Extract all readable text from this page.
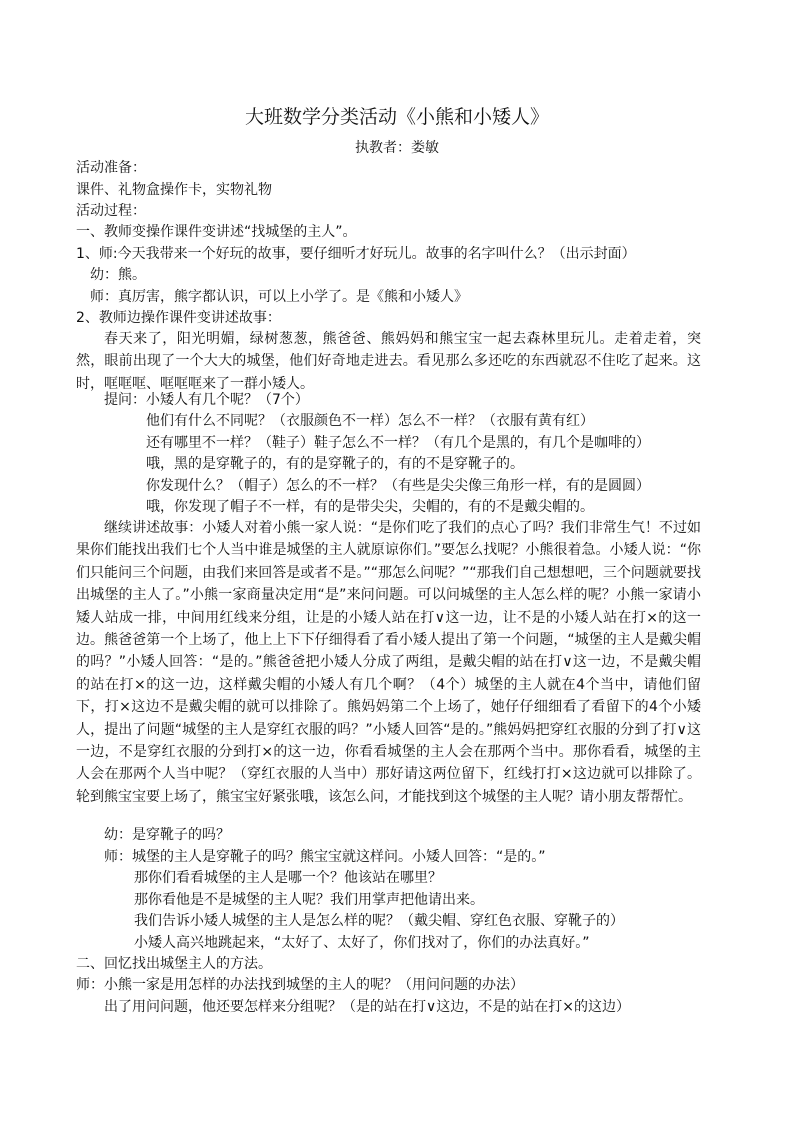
大班数学分类活动《小熊和小矮人》
执教者：娄敏
活动准备：
课件、礼物盒操作卡，实物礼物
活动过程：
一、教师变操作课件变讲述“找城堡的主人”。
1、师:今天我带来一个好玩的故事，要仔细听才好玩儿。故事的名字叫什么？（出示封面）
幼：熊。
师：真厉害，熊字都认识，可以上小学了。是《熊和小矮人》
2、教师边操作课件变讲述故事：

春天来了，阳光明媚，绿树葱葱，熊爸爸、熊妈妈和熊宝宝一起去森林里玩儿。走着走着，突然，眼前出现了一个大大的城堡，他们好奇地走进去。看见那么多还吃的东西就忍不住吃了起来。这时，哐哐哐、哐哐哐来了一群小矮人。

提问：小矮人有几个呢？（7个）
他们有什么不同呢？（衣服颜色不一样）怎么不一样？（衣服有黄有红）
还有哪里不一样？（鞋子）鞋子怎么不一样？（有几个是黑的，有几个是咖啡的）
哦，黑的是穿靴子的，有的是穿靴子的，有的不是穿靴子的。
你发现什么？（帽子）怎么的不一样？（有些是尖尖像三角形一样，有的是圆圆）
哦，你发现了帽子不一样，有的是带尖尖，尖帽的，有的不是戴尖帽的。

继续讲述故事：小矮人对着小熊一家人说：“是你们吃了我们的点心了吗？我们非常生气！不过如果你们能找出我们七个人当中谁是城堡的主人就原谅你们。”要怎么找呢？小熊很着急。小矮人说：“你们只能问三个问题，由我们来回答是或者不是。”“那怎么问呢？”“那我们自己想想吧，三个问题就要找出城堡的主人了。”小熊一家商量决定用“是”来问问题。可以问城堡的主人怎么样的呢？小熊一家请小矮人站成一排，中间用红线来分组，让是的小矮人站在打∨这一边，让不是的小矮人站在打×的这一边。熊爸爸第一个上场了，他上上下下仔细得看了看小矮人提出了第一个问题，“城堡的主人是戴尖帽的吗？”小矮人回答：“是的。”熊爸爸把小矮人分成了两组，是戴尖帽的站在打∨这一边，不是戴尖帽的站在打×的这一边，这样戴尖帽的小矮人有几个啊？（4个）城堡的主人就在4个当中，请他们留下，打×这边不是戴尖帽的就可以排除了。熊妈妈第二个上场了，她仔仔细细看了看留下的4个小矮人，提出了问题“城堡的主人是穿红衣服的吗？”小矮人回答“是的。”熊妈妈把穿红衣服的分到了打∨这一边，不是穿红衣服的分到打×的这一边，你看看城堡的主人会在那两个当中。那你看看，城堡的主人会在那两个人当中呢？（穿红衣服的人当中）那好请这两位留下，红线打打×这边就可以排除了。轮到熊宝宝要上场了，熊宝宝好紧张哦，该怎么问，才能找到这个城堡的主人呢？请小朋友帮帮忙。

幼：是穿靴子的吗？
师：城堡的主人是穿靴子的吗？熊宝宝就这样问。小矮人回答：“是的。”
那你们看看城堡的主人是哪一个？他该站在哪里？
那你看他是不是城堡的主人呢？我们用掌声把他请出来。
我们告诉小矮人城堡的主人是怎么样的呢？（戴尖帽、穿红色衣服、穿靴子的）
小矮人高兴地跳起来，“太好了、太好了，你们找对了，你们的办法真好。”
二、回忆找出城堡主人的方法。
师：小熊一家是用怎样的办法找到城堡的主人的呢？（用问问题的办法）
出了用问问题，他还要怎样来分组呢？（是的站在打∨这边，不是的站在打×的这边）
